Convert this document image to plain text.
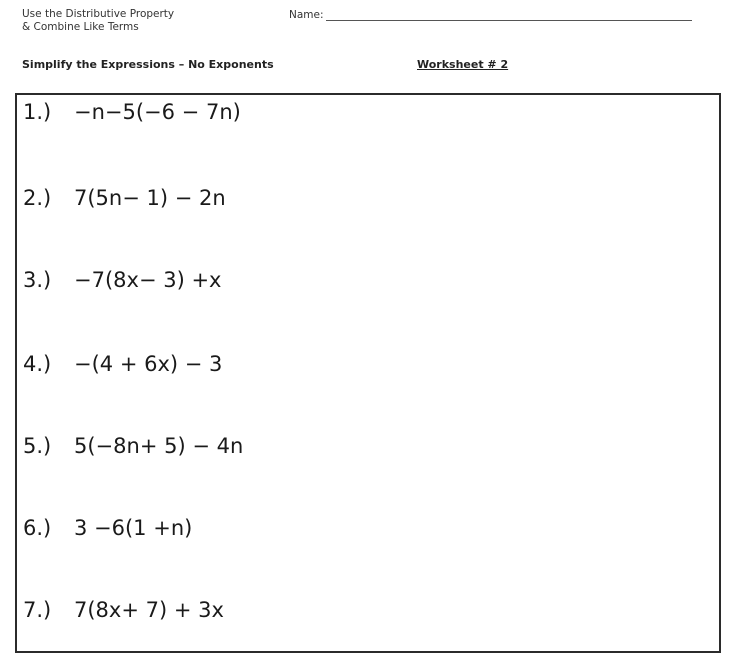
Use the Distributive Property
& Combine Like Terms
Name:
Simplify the Expressions – No Exponents	Worksheet # 2
1.) −n−5(−6 − 7n)
2.) 7(5n− 1) − 2n
3.) −7(8x− 3) +x
4.) −(4 + 6x) − 3
5.) 5(−8n+ 5) − 4n
6.) 3 −6(1 +n)
7.) 7(8x+ 7) + 3x
